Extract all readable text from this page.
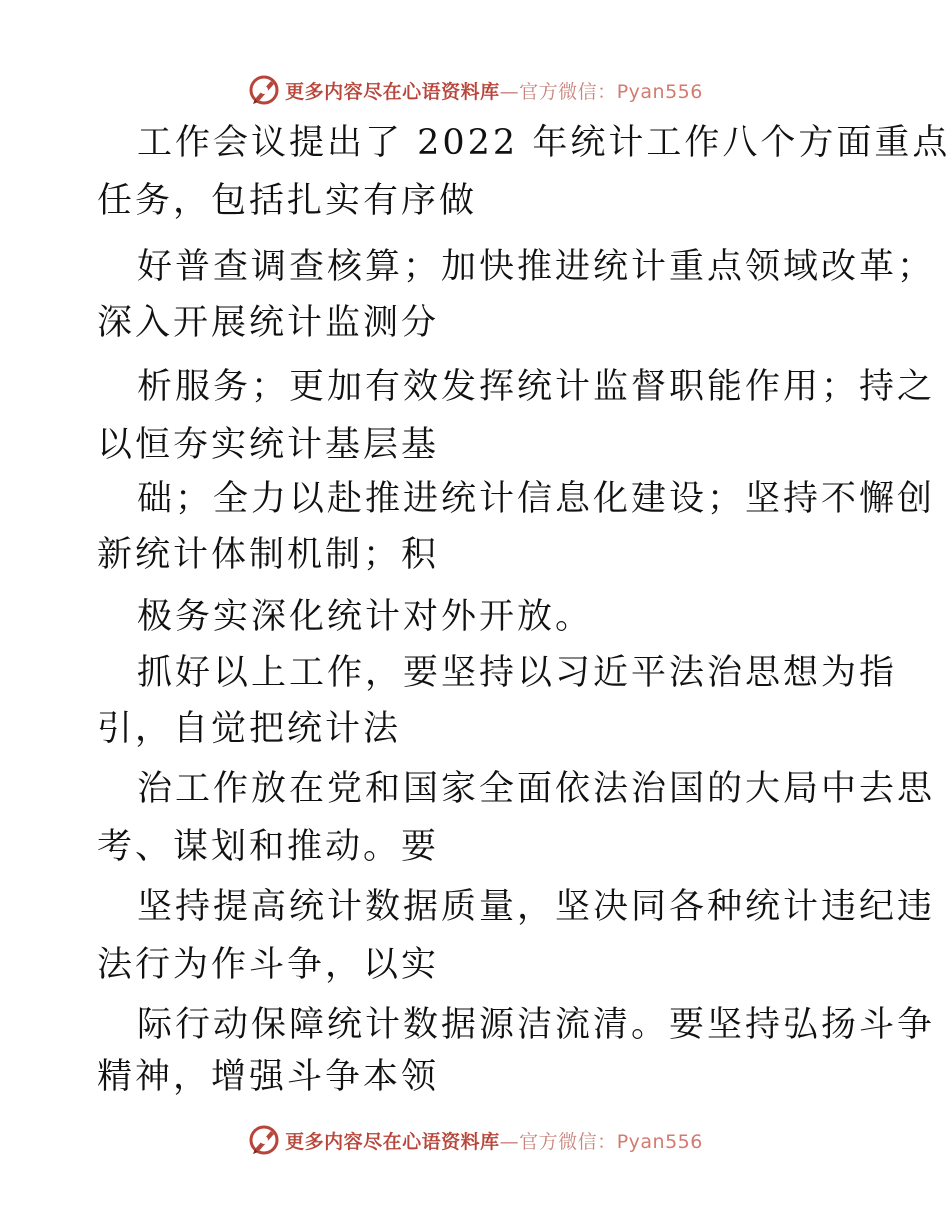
更多内容尽在心语资料库—官方微信：Pyan556
工作会议提出了 2022 年统计工作八个方面重点
任务，包括扎实有序做
好普查调查核算；加快推进统计重点领域改革；
深入开展统计监测分
析服务；更加有效发挥统计监督职能作用；持之
以恒夯实统计基层基
础；全力以赴推进统计信息化建设；坚持不懈创
新统计体制机制；积
极务实深化统计对外开放。
抓好以上工作，要坚持以习近平法治思想为指
引，自觉把统计法
治工作放在党和国家全面依法治国的大局中去思
考、谋划和推动。要
坚持提高统计数据质量，坚决同各种统计违纪违
法行为作斗争，以实
际行动保障统计数据源洁流清。要坚持弘扬斗争
精神，增强斗争本领
更多内容尽在心语资料库—官方微信：Pyan556
